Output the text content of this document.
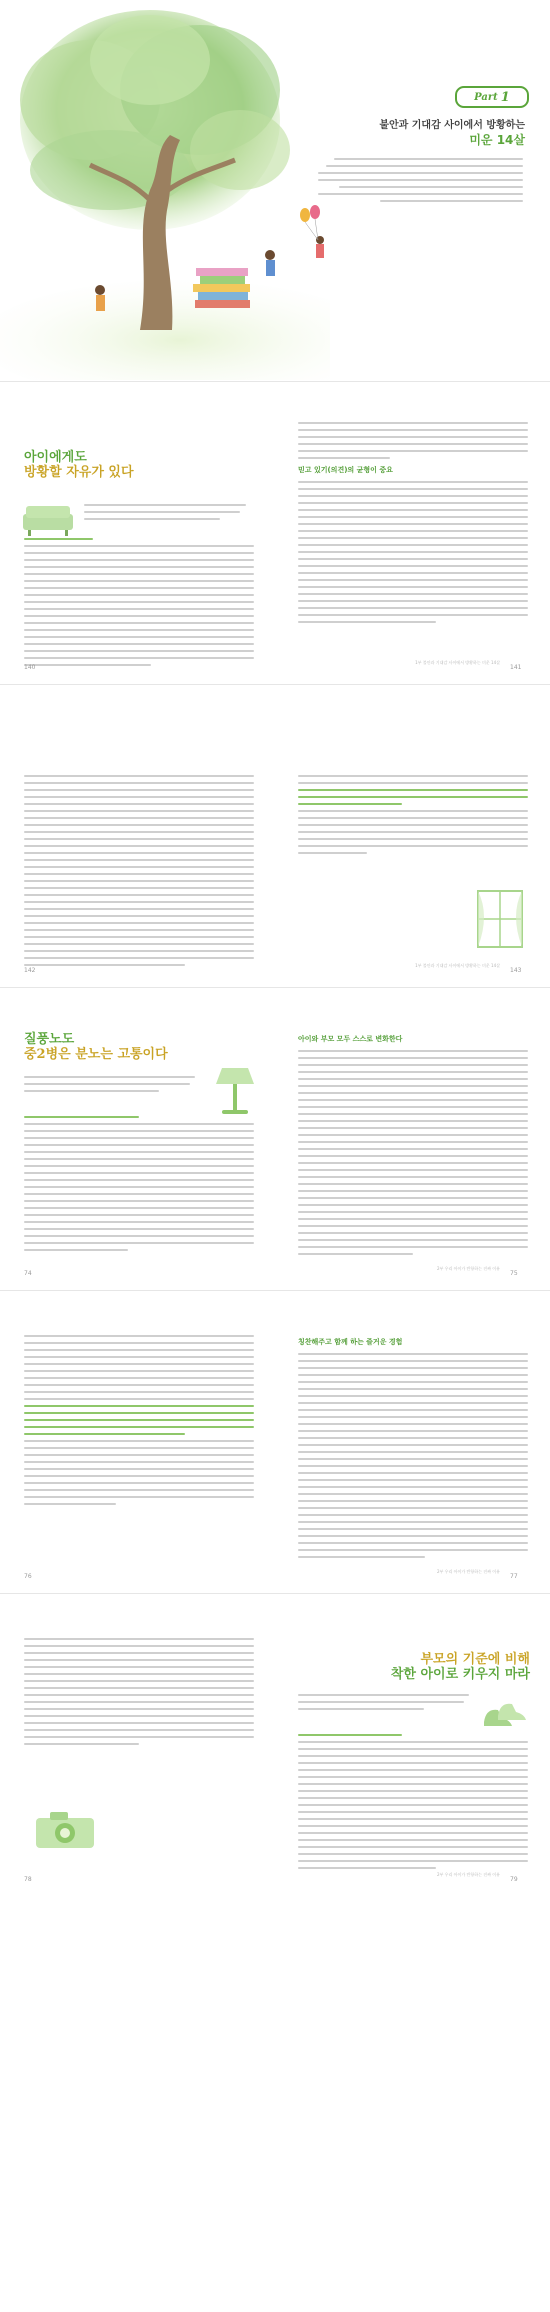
Part 1
불안과 기대감 사이에서 방황하는
미운 14살
아이에게도
방황할 자유가 있다	믿고 있기(의견)의 균형이 중요
140
1부 불안과 기대감 사이에서 방황하는 미운 14살
141
142
1부 불안과 기대감 사이에서 방황하는 미운 14살
143
질풍노도
중2병은 분노는 고통이다
아이와 부모 모두 스스로 변화한다
74
2부 우리 아이가 반항하는 진짜 이유
75
칭찬해주고 함께 하는 즐거운 경험
76
2부 우리 아이가 반항하는 진짜 이유
77
부모의 기준에 비해
착한 아이로 키우지 마라
78
2부 우리 아이가 반항하는 진짜 이유
79
